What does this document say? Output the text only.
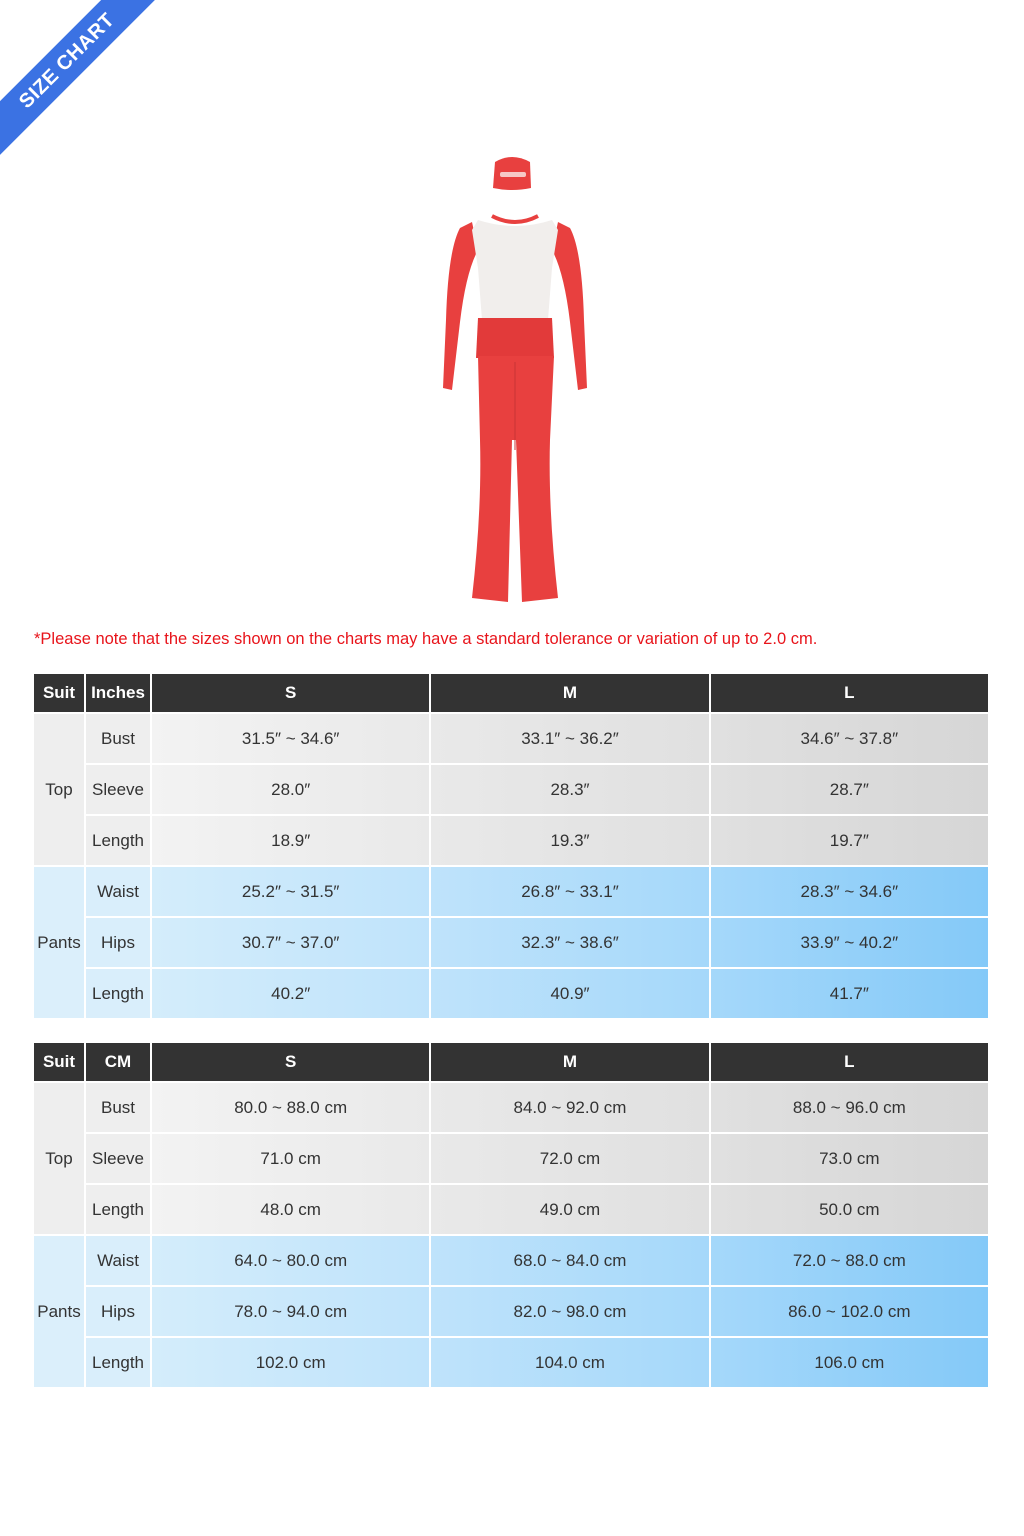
SIZE CHART
*Please note that the sizes shown on the charts may have a standard tolerance or variation of up to 2.0 cm.
Suit	Inches	S	M	L
Top	Bust	31.5″ ~ 34.6″	33.1″ ~ 36.2″	34.6″ ~ 37.8″
	Sleeve	28.0″	28.3″	28.7″
	Length	18.9″	19.3″	19.7″
Pants	Waist	25.2″ ~ 31.5″	26.8″ ~ 33.1″	28.3″ ~ 34.6″
	Hips	30.7″ ~ 37.0″	32.3″ ~ 38.6″	33.9″ ~ 40.2″
	Length	40.2″	40.9″	41.7″
Suit	CM	S	M	L
Top	Bust	80.0 ~ 88.0 cm	84.0 ~ 92.0 cm	88.0 ~ 96.0 cm
	Sleeve	71.0 cm	72.0 cm	73.0 cm
	Length	48.0 cm	49.0 cm	50.0 cm
Pants	Waist	64.0 ~ 80.0 cm	68.0 ~ 84.0 cm	72.0 ~ 88.0 cm
	Hips	78.0 ~ 94.0 cm	82.0 ~ 98.0 cm	86.0 ~ 102.0 cm
	Length	102.0 cm	104.0 cm	106.0 cm
